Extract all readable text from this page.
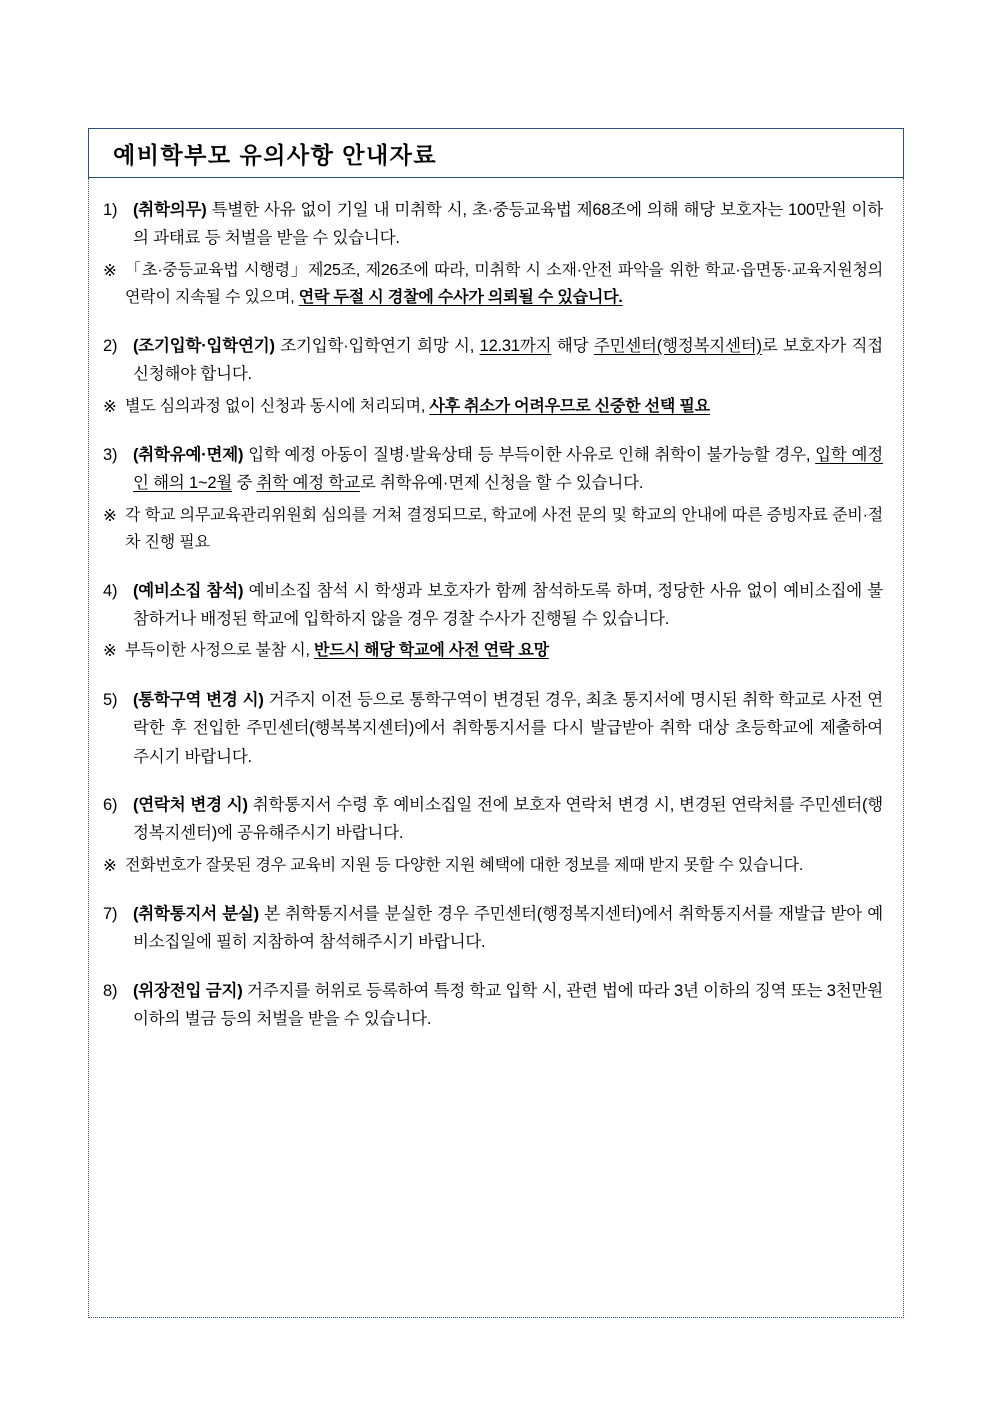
예비학부모 유의사항 안내자료
1) (취학의무) 특별한 사유 없이 기일 내 미취학 시, 초·중등교육법 제68조에 의해 해당 보호자는 100만원 이하의 과태료 등 처벌을 받을 수 있습니다.
※ 「초·중등교육법 시행령」제25조, 제26조에 따라, 미취학 시 소재·안전 파악을 위한 학교·읍면동·교육지원청의 연락이 지속될 수 있으며, 연락 두절 시 경찰에 수사가 의뢰될 수 있습니다.
2) (조기입학·입학연기) 조기입학·입학연기 희망 시, 12.31까지 해당 주민센터(행정복지센터)로 보호자가 직접 신청해야 합니다.
※ 별도 심의과정 없이 신청과 동시에 처리되며, 사후 취소가 어려우므로 신중한 선택 필요
3) (취학유예·면제) 입학 예정 아동이 질병·발육상태 등 부득이한 사유로 인해 취학이 불가능할 경우, 입학 예정인 해의 1~2월 중 취학 예정 학교로 취학유예·면제 신청을 할 수 있습니다.
※ 각 학교 의무교육관리위원회 심의를 거쳐 결정되므로, 학교에 사전 문의 및 학교의 안내에 따른 증빙자료 준비·절차 진행 필요
4) (예비소집 참석) 예비소집 참석 시 학생과 보호자가 함께 참석하도록 하며, 정당한 사유 없이 예비소집에 불참하거나 배정된 학교에 입학하지 않을 경우 경찰 수사가 진행될 수 있습니다.
※ 부득이한 사정으로 불참 시, 반드시 해당 학교에 사전 연락 요망
5) (통학구역 변경 시) 거주지 이전 등으로 통학구역이 변경된 경우, 최초 통지서에 명시된 취학 학교로 사전 연락한 후 전입한 주민센터(행복복지센터)에서 취학통지서를 다시 발급받아 취학 대상 초등학교에 제출하여 주시기 바랍니다.
6) (연락처 변경 시) 취학통지서 수령 후 예비소집일 전에 보호자 연락처 변경 시, 변경된 연락처를 주민센터(행정복지센터)에 공유해주시기 바랍니다.
※ 전화번호가 잘못된 경우 교육비 지원 등 다양한 지원 혜택에 대한 정보를 제때 받지 못할 수 있습니다.
7) (취학통지서 분실) 본 취학통지서를 분실한 경우 주민센터(행정복지센터)에서 취학통지서를 재발급 받아 예비소집일에 필히 지참하여 참석해주시기 바랍니다.
8) (위장전입 금지) 거주지를 허위로 등록하여 특정 학교 입학 시, 관련 법에 따라 3년 이하의 징역 또는 3천만원 이하의 벌금 등의 처벌을 받을 수 있습니다.
